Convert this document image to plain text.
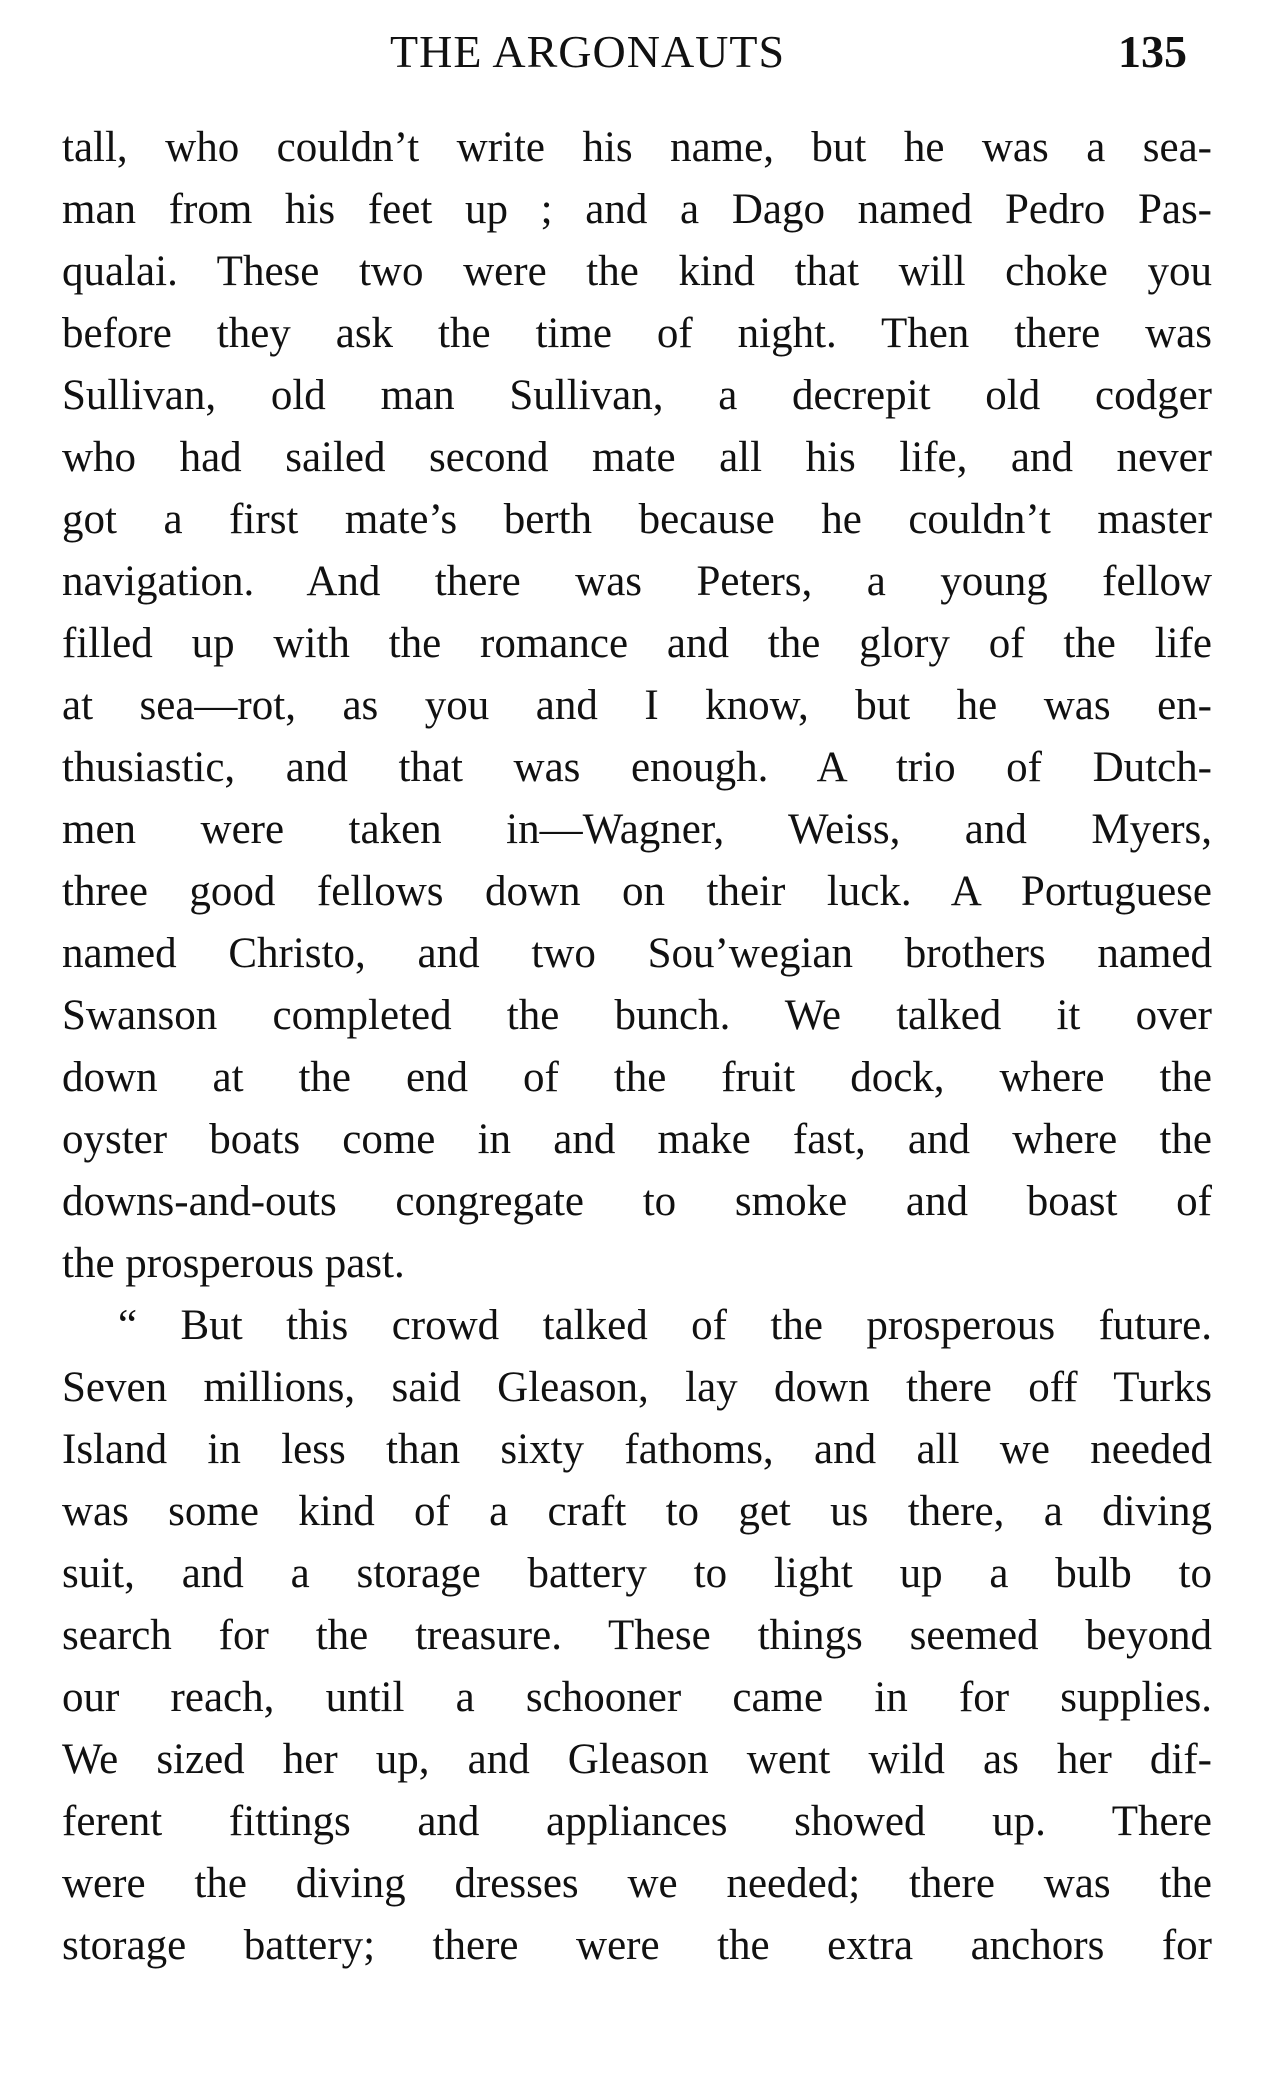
THE ARGONAUTS	135
tall, who couldn’t write his name, but he was a sea-
man from his feet up ; and a Dago named Pedro Pas-
qualai. These two were the kind that will choke you
before they ask the time of night. Then there was
Sullivan, old man Sullivan, a decrepit old codger
who had sailed second mate all his life, and never
got a first mate’s berth because he couldn’t master
navigation. And there was Peters, a young fellow
filled up with the romance and the glory of the life
at sea—rot, as you and I know, but he was en-
thusiastic, and that was enough. A trio of Dutch-
men were taken in—Wagner, Weiss, and Myers,
three good fellows down on their luck. A Portuguese
named Christo, and two Sou’wegian brothers named
Swanson completed the bunch. We talked it over
down at the end of the fruit dock, where the
oyster boats come in and make fast, and where the
downs-and-outs congregate to smoke and boast of
the prosperous past.
“ But this crowd talked of the prosperous future.
Seven millions, said Gleason, lay down there off Turks
Island in less than sixty fathoms, and all we needed
was some kind of a craft to get us there, a diving
suit, and a storage battery to light up a bulb to
search for the treasure. These things seemed beyond
our reach, until a schooner came in for supplies.
We sized her up, and Gleason went wild as her dif-
ferent fittings and appliances showed up. There
were the diving dresses we needed; there was the
storage battery; there were the extra anchors for
